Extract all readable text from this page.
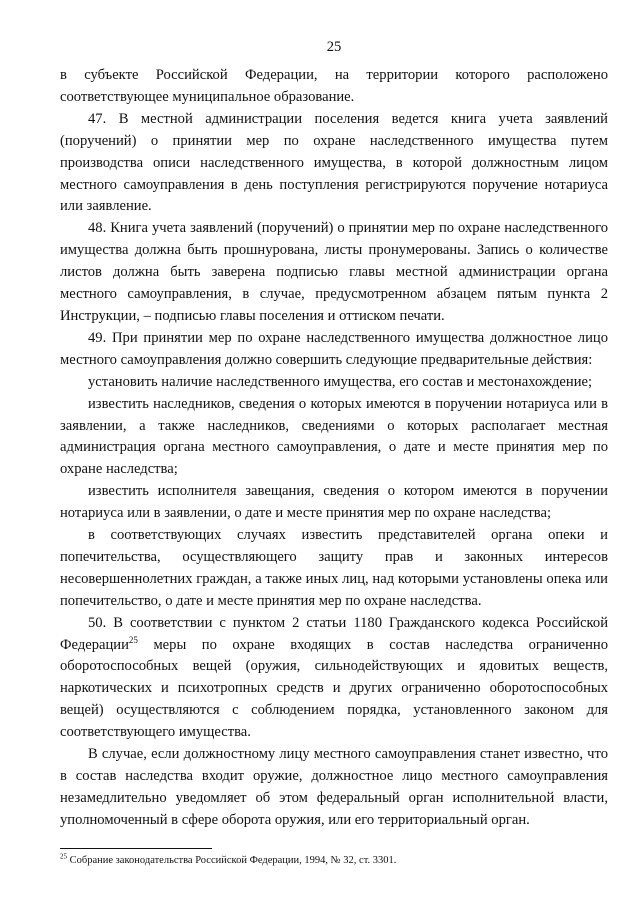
25

в субъекте Российской Федерации, на территории которого расположено соответствующее муниципальное образование.

47. В местной администрации поселения ведется книга учета заявлений (поручений) о принятии мер по охране наследственного имущества путем производства описи наследственного имущества, в которой должностным лицом местного самоуправления в день поступления регистрируются поручение нотариуса или заявление.

48. Книга учета заявлений (поручений) о принятии мер по охране наследственного имущества должна быть прошнурована, листы пронумерованы. Запись о количестве листов должна быть заверена подписью главы местной администрации органа местного самоуправления, в случае, предусмотренном абзацем пятым пункта 2 Инструкции, – подписью главы поселения и оттиском печати.

49. При принятии мер по охране наследственного имущества должностное лицо местного самоуправления должно совершить следующие предварительные действия:

установить наличие наследственного имущества, его состав и местонахождение;

известить наследников, сведения о которых имеются в поручении нотариуса или в заявлении, а также наследников, сведениями о которых располагает местная администрация органа местного самоуправления, о дате и месте принятия мер по охране наследства;

известить исполнителя завещания, сведения о котором имеются в поручении нотариуса или в заявлении, о дате и месте принятия мер по охране наследства;

в соответствующих случаях известить представителей органа опеки и попечительства, осуществляющего защиту прав и законных интересов несовершеннолетних граждан, а также иных лиц, над которыми установлены опека или попечительство, о дате и месте принятия мер по охране наследства.

50. В соответствии с пунктом 2 статьи 1180 Гражданского кодекса Российской Федерации$^{25}$ меры по охране входящих в состав наследства ограниченно оборотоспособных вещей (оружия, сильнодействующих и ядовитых веществ, наркотических и психотропных средств и других ограниченно оборотоспособных вещей) осуществляются с соблюдением порядка, установленного законом для соответствующего имущества.

В случае, если должностному лицу местного самоуправления станет известно, что в состав наследства входит оружие, должностное лицо местного самоуправления незамедлительно уведомляет об этом федеральный орган исполнительной власти, уполномоченный в сфере оборота оружия, или его территориальный орган.

$^{25}$ Собрание законодательства Российской Федерации, 1994, № 32, ст. 3301.
